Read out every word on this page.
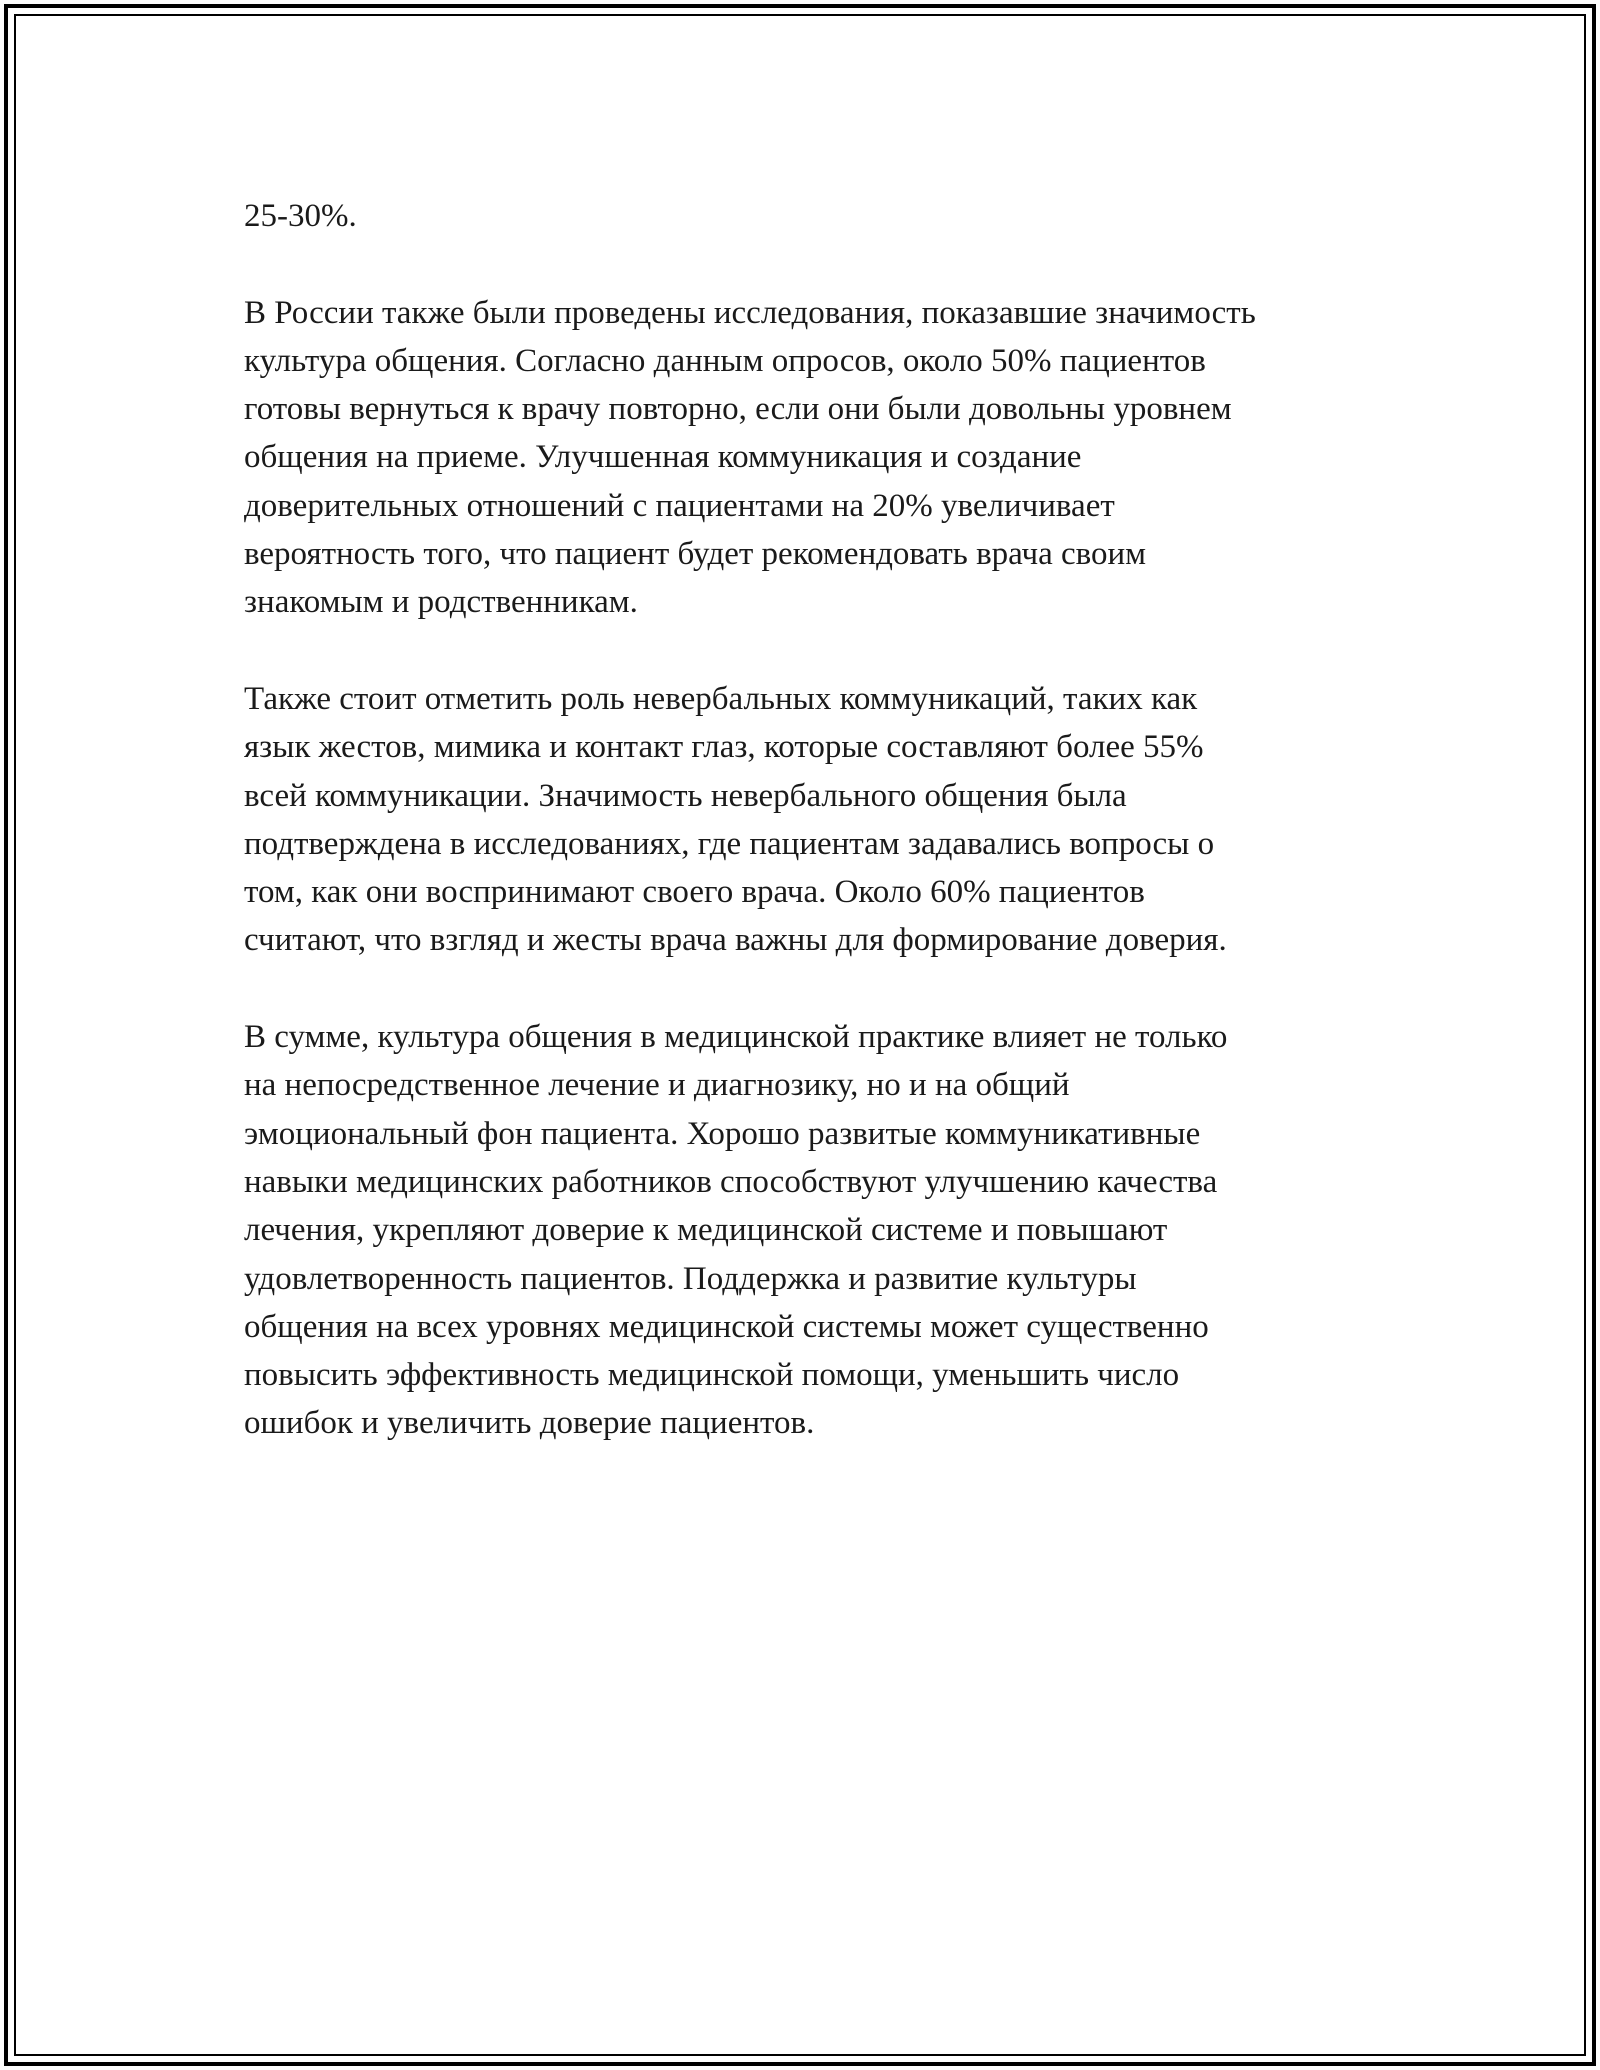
25-30%.

В России также были проведены исследования, показавшие значимость
культура общения. Согласно данным опросов, около 50% пациентов
готовы вернуться к врачу повторно, если они были довольны уровнем
общения на приеме. Улучшенная коммуникация и создание
доверительных отношений с пациентами на 20% увеличивает
вероятность того, что пациент будет рекомендовать врача своим
знакомым и родственникам.

Также стоит отметить роль невербальных коммуникаций, таких как
язык жестов, мимика и контакт глаз, которые составляют более 55%
всей коммуникации. Значимость невербального общения была
подтверждена в исследованиях, где пациентам задавались вопросы о
том, как они воспринимают своего врача. Около 60% пациентов
считают, что взгляд и жесты врача важны для формирование доверия.

В сумме, культура общения в медицинской практике влияет не только
на непосредственное лечение и диагнозику, но и на общий
эмоциональный фон пациента. Хорошо развитые коммуникативные
навыки медицинских работников способствуют улучшению качества
лечения, укрепляют доверие к медицинской системе и повышают
удовлетворенность пациентов. Поддержка и развитие культуры
общения на всех уровнях медицинской системы может существенно
повысить эффективность медицинской помощи, уменьшить число
ошибок и увеличить доверие пациентов.
